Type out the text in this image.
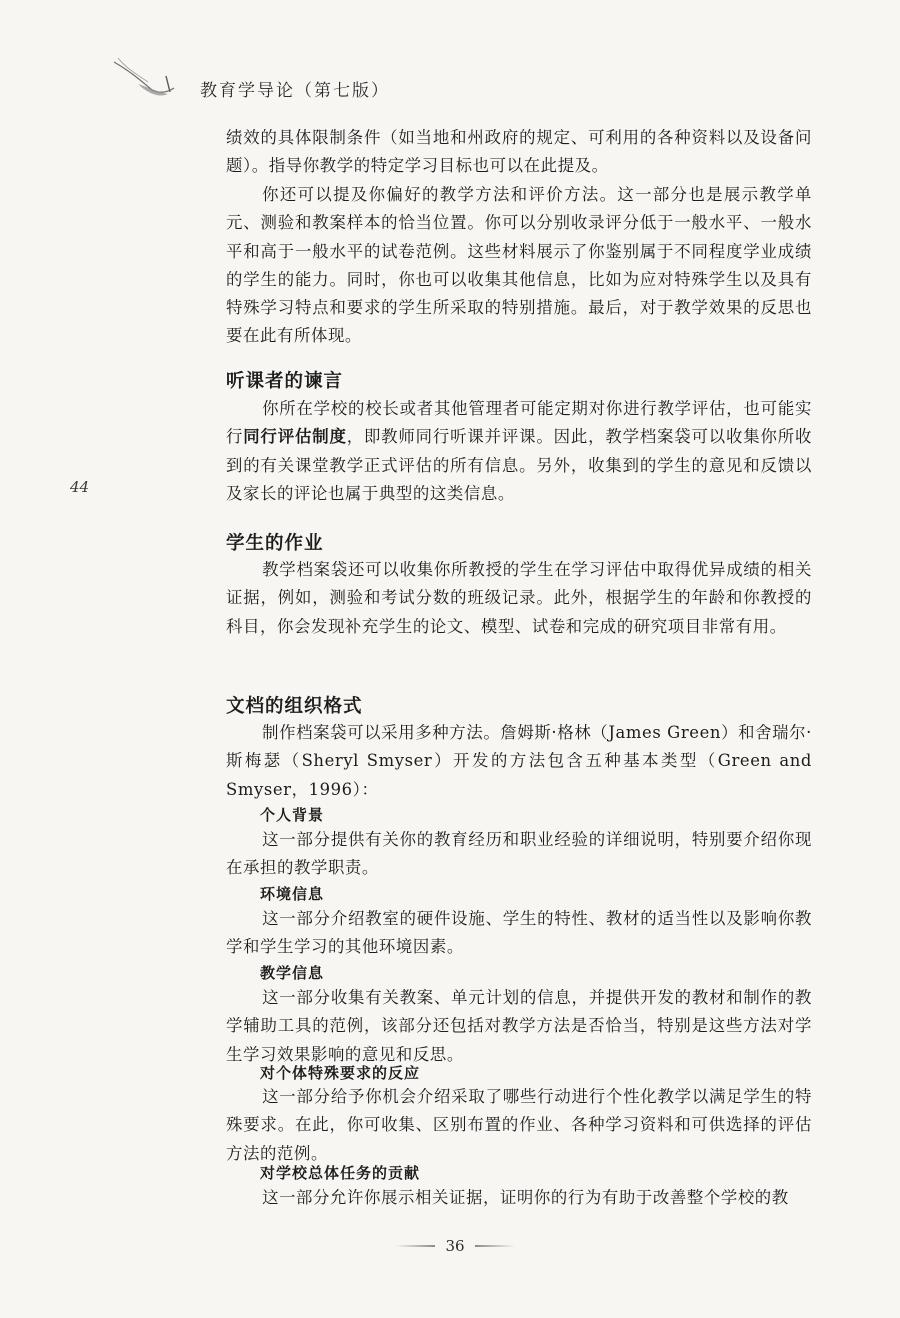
教育学导论（第七版）
44

绩效的具体限制条件（如当地和州政府的规定、可利用的各种资料以及设备问题）。指导你教学的特定学习目标也可以在此提及。

你还可以提及你偏好的教学方法和评价方法。这一部分也是展示教学单元、测验和教案样本的恰当位置。你可以分别收录评分低于一般水平、一般水平和高于一般水平的试卷范例。这些材料展示了你鉴别属于不同程度学业成绩的学生的能力。同时，你也可以收集其他信息，比如为应对特殊学生以及具有特殊学习特点和要求的学生所采取的特别措施。最后，对于教学效果的反思也要在此有所体现。

听课者的谏言

你所在学校的校长或者其他管理者可能定期对你进行教学评估，也可能实行同行评估制度，即教师同行听课并评课。因此，教学档案袋可以收集你所收到的有关课堂教学正式评估的所有信息。另外，收集到的学生的意见和反馈以及家长的评论也属于典型的这类信息。

学生的作业

教学档案袋还可以收集你所教授的学生在学习评估中取得优异成绩的相关证据，例如，测验和考试分数的班级记录。此外，根据学生的年龄和你教授的科目，你会发现补充学生的论文、模型、试卷和完成的研究项目非常有用。

文档的组织格式

制作档案袋可以采用多种方法。詹姆斯·格林（James Green）和舍瑞尔·斯梅瑟（Sheryl Smyser）开发的方法包含五种基本类型（Green and Smyser，1996）：

个人背景

这一部分提供有关你的教育经历和职业经验的详细说明，特别要介绍你现在承担的教学职责。

环境信息

这一部分介绍教室的硬件设施、学生的特性、教材的适当性以及影响你教学和学生学习的其他环境因素。

教学信息

这一部分收集有关教案、单元计划的信息，并提供开发的教材和制作的教学辅助工具的范例，该部分还包括对教学方法是否恰当，特别是这些方法对学生学习效果影响的意见和反思。

对个体特殊要求的反应

这一部分给予你机会介绍采取了哪些行动进行个性化教学以满足学生的特殊要求。在此，你可收集、区别布置的作业、各种学习资料和可供选择的评估方法的范例。

对学校总体任务的贡献

这一部分允许你展示相关证据，证明你的行为有助于改善整个学校的教

36
